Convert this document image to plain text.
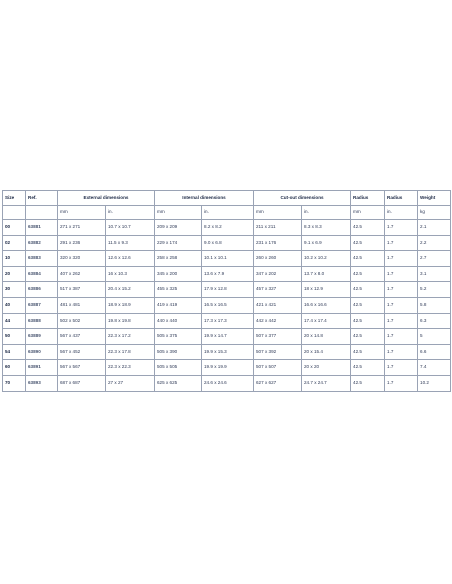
Size	Ref.	External dimensions		Internal dimensions		Cut-out dimensions		Radius	Radius	Weight
		mm	in.	mm	in.	mm	in.	mm	in.	kg
00	63881	271 x 271	10.7 x 10.7	209 x 209	8.2 x 8.2	211 x 211	8.3 x 8.3	42.5	1.7	2.1
02	63882	291 x 236	11.5 x 9.3	229 x 174	9.0 x 6.8	231 x 176	9.1 x 6.9	42.5	1.7	2.2
10	63883	320 x 320	12.6 x 12.6	258 x 258	10.1 x 10.1	260 x 260	10.2 x 10.2	42.5	1.7	2.7
20	63884	407 x 262	16 x 10.3	345 x 200	13.6 x 7.9	347 x 202	13.7 x 8.0	42.5	1.7	3.1
30	63886	517 x 387	20.4 x 15.2	455 x 325	17.9 x 12.8	457 x 327	18 x 12.9	42.5	1.7	5.2
40	63887	481 x 481	18.9 x 18.9	419 x 419	16.5 x 16.5	421 x 421	16.6 x 16.6	42.5	1.7	5.8
44	63888	502 x 502	19.8 x 19.8	440 x 440	17.3 x 17.3	442 x 442	17.4 x 17.4	42.5	1.7	6.3
50	63889	567 x 437	22.3 x 17.2	505 x 375	19.9 x 14.7	507 x 377	20 x 14.8	42.5	1.7	5
54	63890	567 x 452	22.3 x 17.8	505 x 390	19.9 x 15.3	507 x 392	20 x 15.4	42.5	1.7	6.6
60	63891	567 x 567	22.3 x 22.3	505 x 505	19.9 x 19.9	507 x 507	20 x 20	42.5	1.7	7.4
70	63893	687 x 687	27 x 27	625 x 625	24.6 x 24.6	627 x 627	24.7 x 24.7	42.5	1.7	10.2
